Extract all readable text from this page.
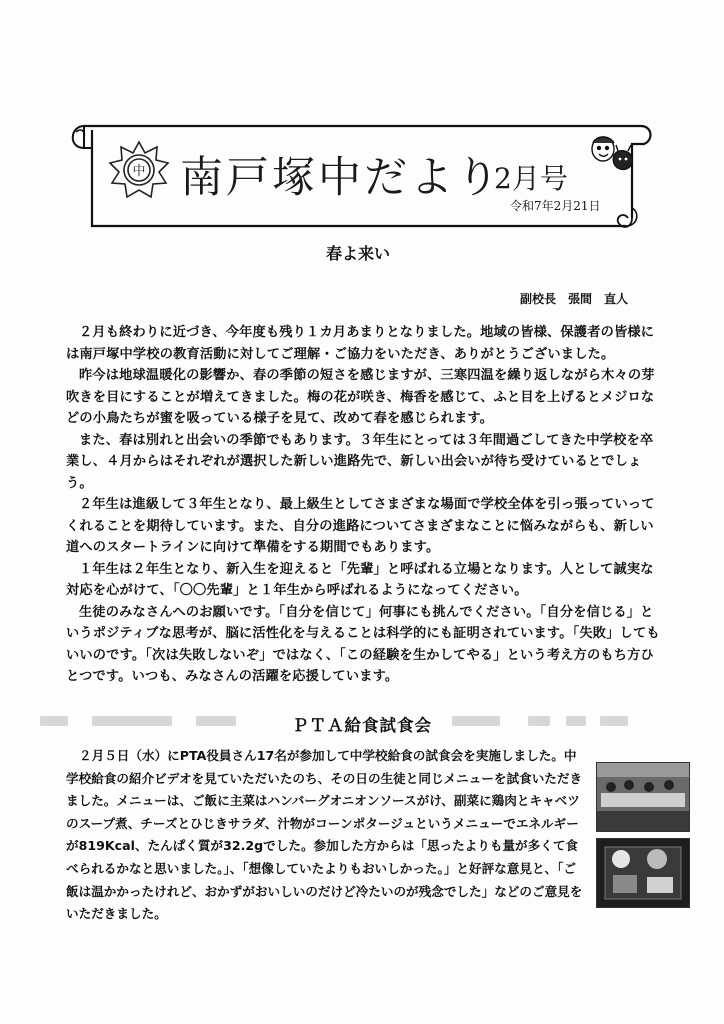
中 南戸塚中だより
2月号
令和7年2月21日
春よ来い
副校長　張間　直人

２月も終わりに近づき、今年度も残り１カ月あまりとなりました。地域の皆様、保護者の皆様には南戸塚中学校の教育活動に対してご理解・ご協力をいただき、ありがとうございました。

昨今は地球温暖化の影響か、春の季節の短さを感じますが、三寒四温を繰り返しながら木々の芽吹きを目にすることが増えてきました。梅の花が咲き、梅香を感じて、ふと目を上げるとメジロなどの小鳥たちが蜜を吸っている様子を見て、改めて春を感じられます。

また、春は別れと出会いの季節でもあります。３年生にとっては３年間過ごしてきた中学校を卒業し、４月からはそれぞれが選択した新しい進路先で、新しい出会いが待ち受けているとでしょう。

２年生は進級して３年生となり、最上級生としてさまざまな場面で学校全体を引っ張っていってくれることを期待しています。また、自分の進路についてさまざまなことに悩みながらも、新しい道へのスタートラインに向けて準備をする期間でもあります。

１年生は２年生となり、新入生を迎えると「先輩」と呼ばれる立場となります。人として誠実な対応を心がけて、「〇〇先輩」と１年生から呼ばれるようになってください。

生徒のみなさんへのお願いです。「自分を信じて」何事にも挑んでください。「自分を信じる」というポジティブな思考が、脳に活性化を与えることは科学的にも証明されています。「失敗」してもいいのです。「次は失敗しないぞ」ではなく、「この経験を生かしてやる」という考え方のもち方ひとつです。いつも、みなさんの活躍を応援しています。

ＰＴＡ給食試食会

２月５日（水）にPTA役員さん17名が参加して中学校給食の試食会を実施しました。中学校給食の紹介ビデオを見ていただいたのち、その日の生徒と同じメニューを試食いただきました。メニューは、ご飯に主菜はハンバーグオニオンソースがけ、副菜に鶏肉とキャベツのスープ煮、チーズとひじきサラダ、汁物がコーンポタージュというメニューでエネルギーが819Kcal、たんぱく質が32.2gでした。参加した方からは「思ったよりも量が多くて食べられるかなと思いました。」、「想像していたよりもおいしかった。」と好評な意見と、「ご飯は温かかったけれど、おかずがおいしいのだけど冷たいのが残念でした」などのご意見をいただきました。
